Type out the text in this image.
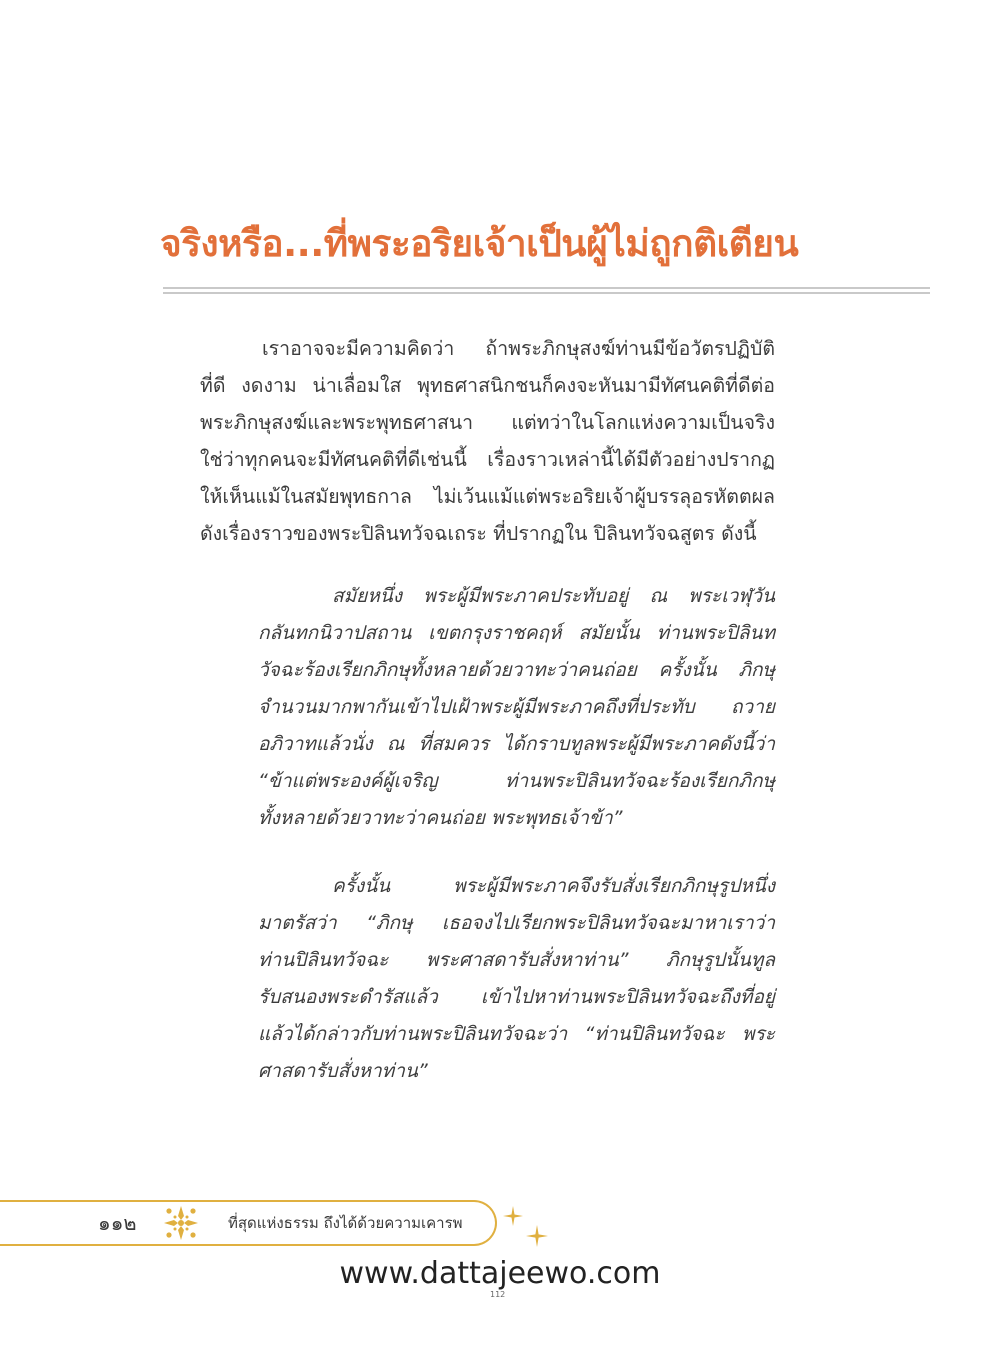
จริงหรือ...ที่พระอริยเจ้าเป็นผู้ไม่ถูกติเตียน
เราอาจจะมีความคิดว่า ถ้าพระภิกษุสงฆ์ท่านมีข้อวัตรปฏิบัติ
ที่ดี งดงาม น่าเลื่อมใส พุทธศาสนิกชนก็คงจะหันมามีทัศนคติที่ดีต่อ
พระภิกษุสงฆ์และพระพุทธศาสนา แต่ทว่าในโลกแห่งความเป็นจริง
ใช่ว่าทุกคนจะมีทัศนคติที่ดีเช่นนี้ เรื่องราวเหล่านี้ได้มีตัวอย่างปรากฏ
ให้เห็นแม้ในสมัยพุทธกาล ไม่เว้นแม้แต่พระอริยเจ้าผู้บรรลุอรหัตตผล
ดังเรื่องราวของพระปิลินทวัจฉเถระ ที่ปรากฏใน ปิลินทวัจฉสูตร ดังนี้
สมัยหนึ่ง พระผู้มีพระภาคประทับอยู่ ณ พระเวฬุวัน
กลันทกนิวาปสถาน เขตกรุงราชคฤห์ สมัยนั้น ท่านพระปิลินท
วัจฉะร้องเรียกภิกษุทั้งหลายด้วยวาทะว่าคนถ่อย ครั้งนั้น ภิกษุ
จำนวนมากพากันเข้าไปเฝ้าพระผู้มีพระภาคถึงที่ประทับ ถวาย
อภิวาทแล้วนั่ง ณ ที่สมควร ได้กราบทูลพระผู้มีพระภาคดังนี้ว่า
“ข้าแต่พระองค์ผู้เจริญ ท่านพระปิลินทวัจฉะร้องเรียกภิกษุ
ทั้งหลายด้วยวาทะว่าคนถ่อย พระพุทธเจ้าข้า”
ครั้งนั้น พระผู้มีพระภาคจึงรับสั่งเรียกภิกษุรูปหนึ่ง
มาตรัสว่า “ภิกษุ เธอจงไปเรียกพระปิลินทวัจฉะมาหาเราว่า
ท่านปิลินทวัจฉะ พระศาสดารับสั่งหาท่าน” ภิกษุรูปนั้นทูล
รับสนองพระดำรัสแล้ว เข้าไปหาท่านพระปิลินทวัจฉะถึงที่อยู่
แล้วได้กล่าวกับท่านพระปิลินทวัจฉะว่า “ท่านปิลินทวัจฉะ พระ
ศาสดารับสั่งหาท่าน”
๑๑๒	ที่สุดแห่งธรรม ถึงได้ด้วยความเคารพ
www.dattajeewo.com
112
